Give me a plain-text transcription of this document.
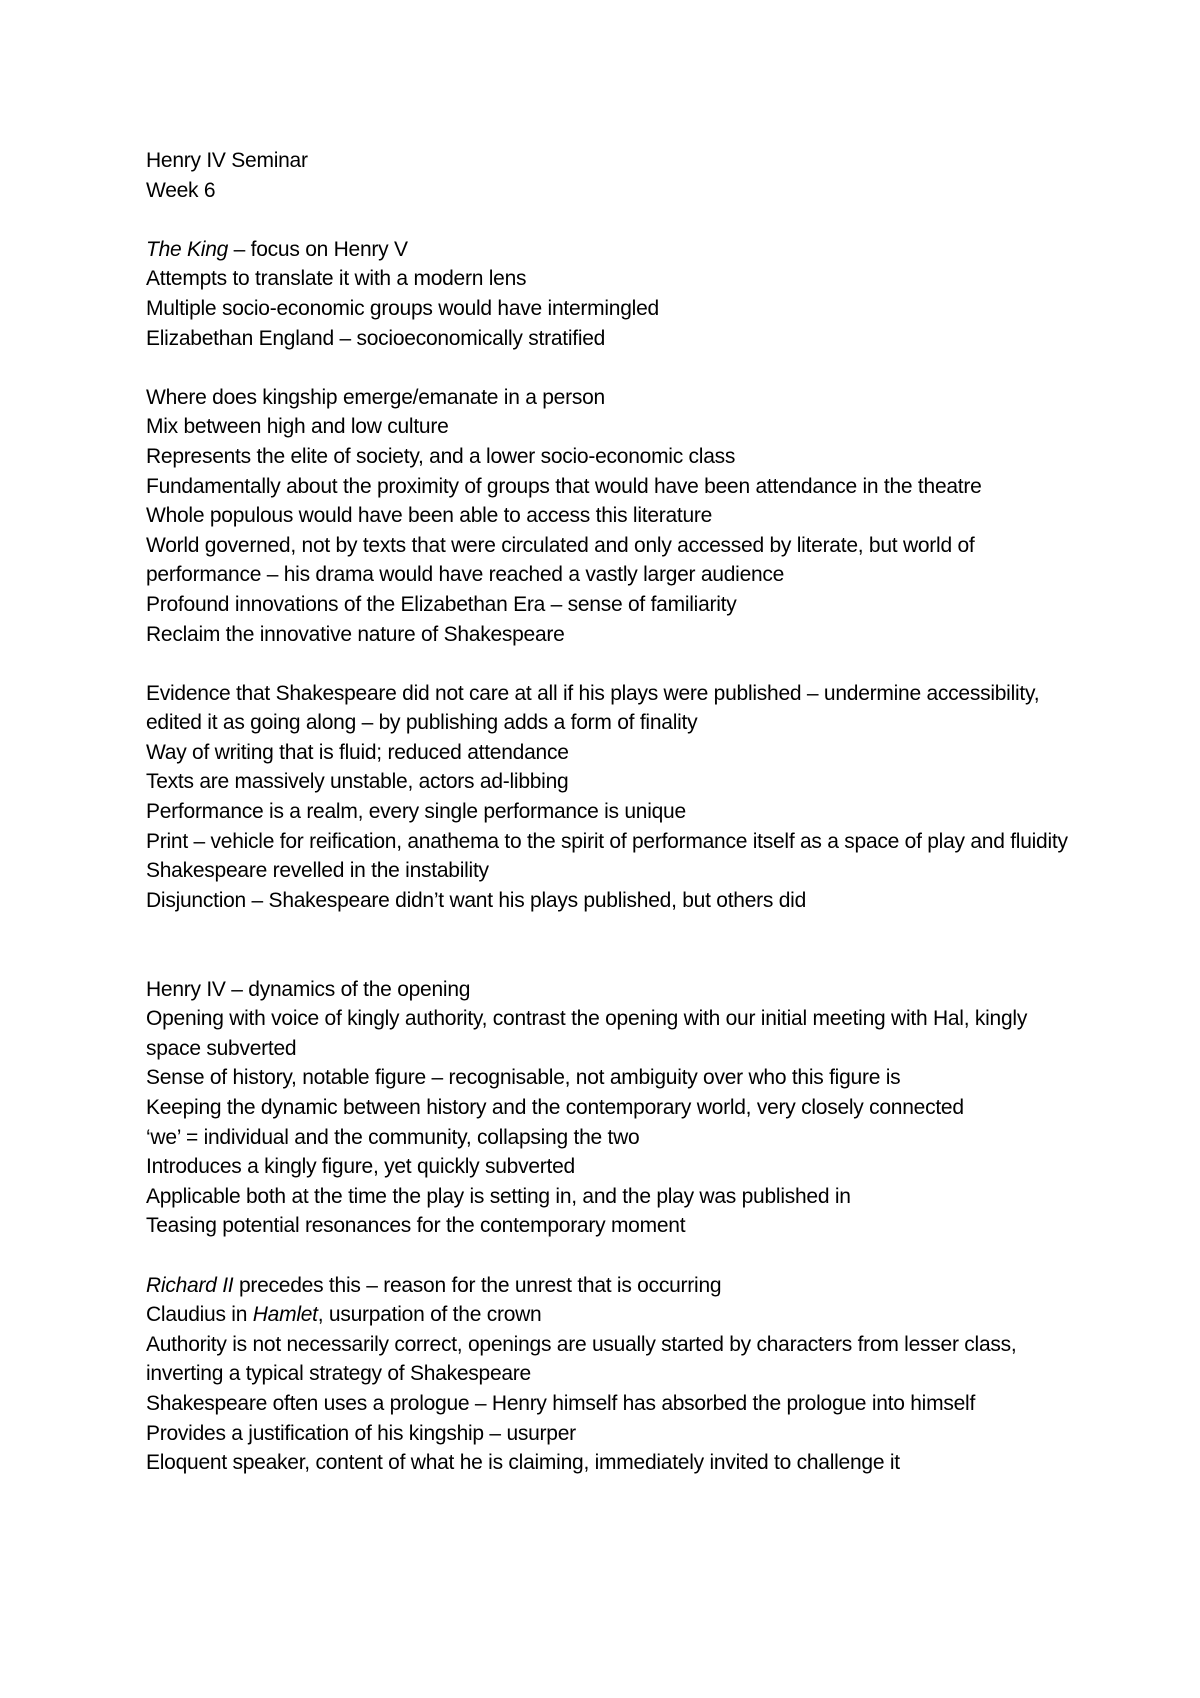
Henry IV Seminar
Week 6
The King – focus on Henry V
Attempts to translate it with a modern lens
Multiple socio-economic groups would have intermingled
Elizabethan England – socioeconomically stratified
Where does kingship emerge/emanate in a person
Mix between high and low culture
Represents the elite of society, and a lower socio-economic class
Fundamentally about the proximity of groups that would have been attendance in the theatre
Whole populous would have been able to access this literature
World governed, not by texts that were circulated and only accessed by literate, but world of performance – his drama would have reached a vastly larger audience
Profound innovations of the Elizabethan Era – sense of familiarity
Reclaim the innovative nature of Shakespeare
Evidence that Shakespeare did not care at all if his plays were published – undermine accessibility, edited it as going along – by publishing adds a form of finality
Way of writing that is fluid; reduced attendance
Texts are massively unstable, actors ad-libbing
Performance is a realm, every single performance is unique
Print – vehicle for reification, anathema to the spirit of performance itself as a space of play and fluidity
Shakespeare revelled in the instability
Disjunction – Shakespeare didn’t want his plays published, but others did
Henry IV – dynamics of the opening
Opening with voice of kingly authority, contrast the opening with our initial meeting with Hal, kingly space subverted
Sense of history, notable figure – recognisable, not ambiguity over who this figure is
Keeping the dynamic between history and the contemporary world, very closely connected
‘we’ = individual and the community, collapsing the two
Introduces a kingly figure, yet quickly subverted
Applicable both at the time the play is setting in, and the play was published in
Teasing potential resonances for the contemporary moment
Richard II precedes this – reason for the unrest that is occurring
Claudius in Hamlet, usurpation of the crown
Authority is not necessarily correct, openings are usually started by characters from lesser class, inverting a typical strategy of Shakespeare
Shakespeare often uses a prologue – Henry himself has absorbed the prologue into himself
Provides a justification of his kingship – usurper
Eloquent speaker, content of what he is claiming, immediately invited to challenge it
